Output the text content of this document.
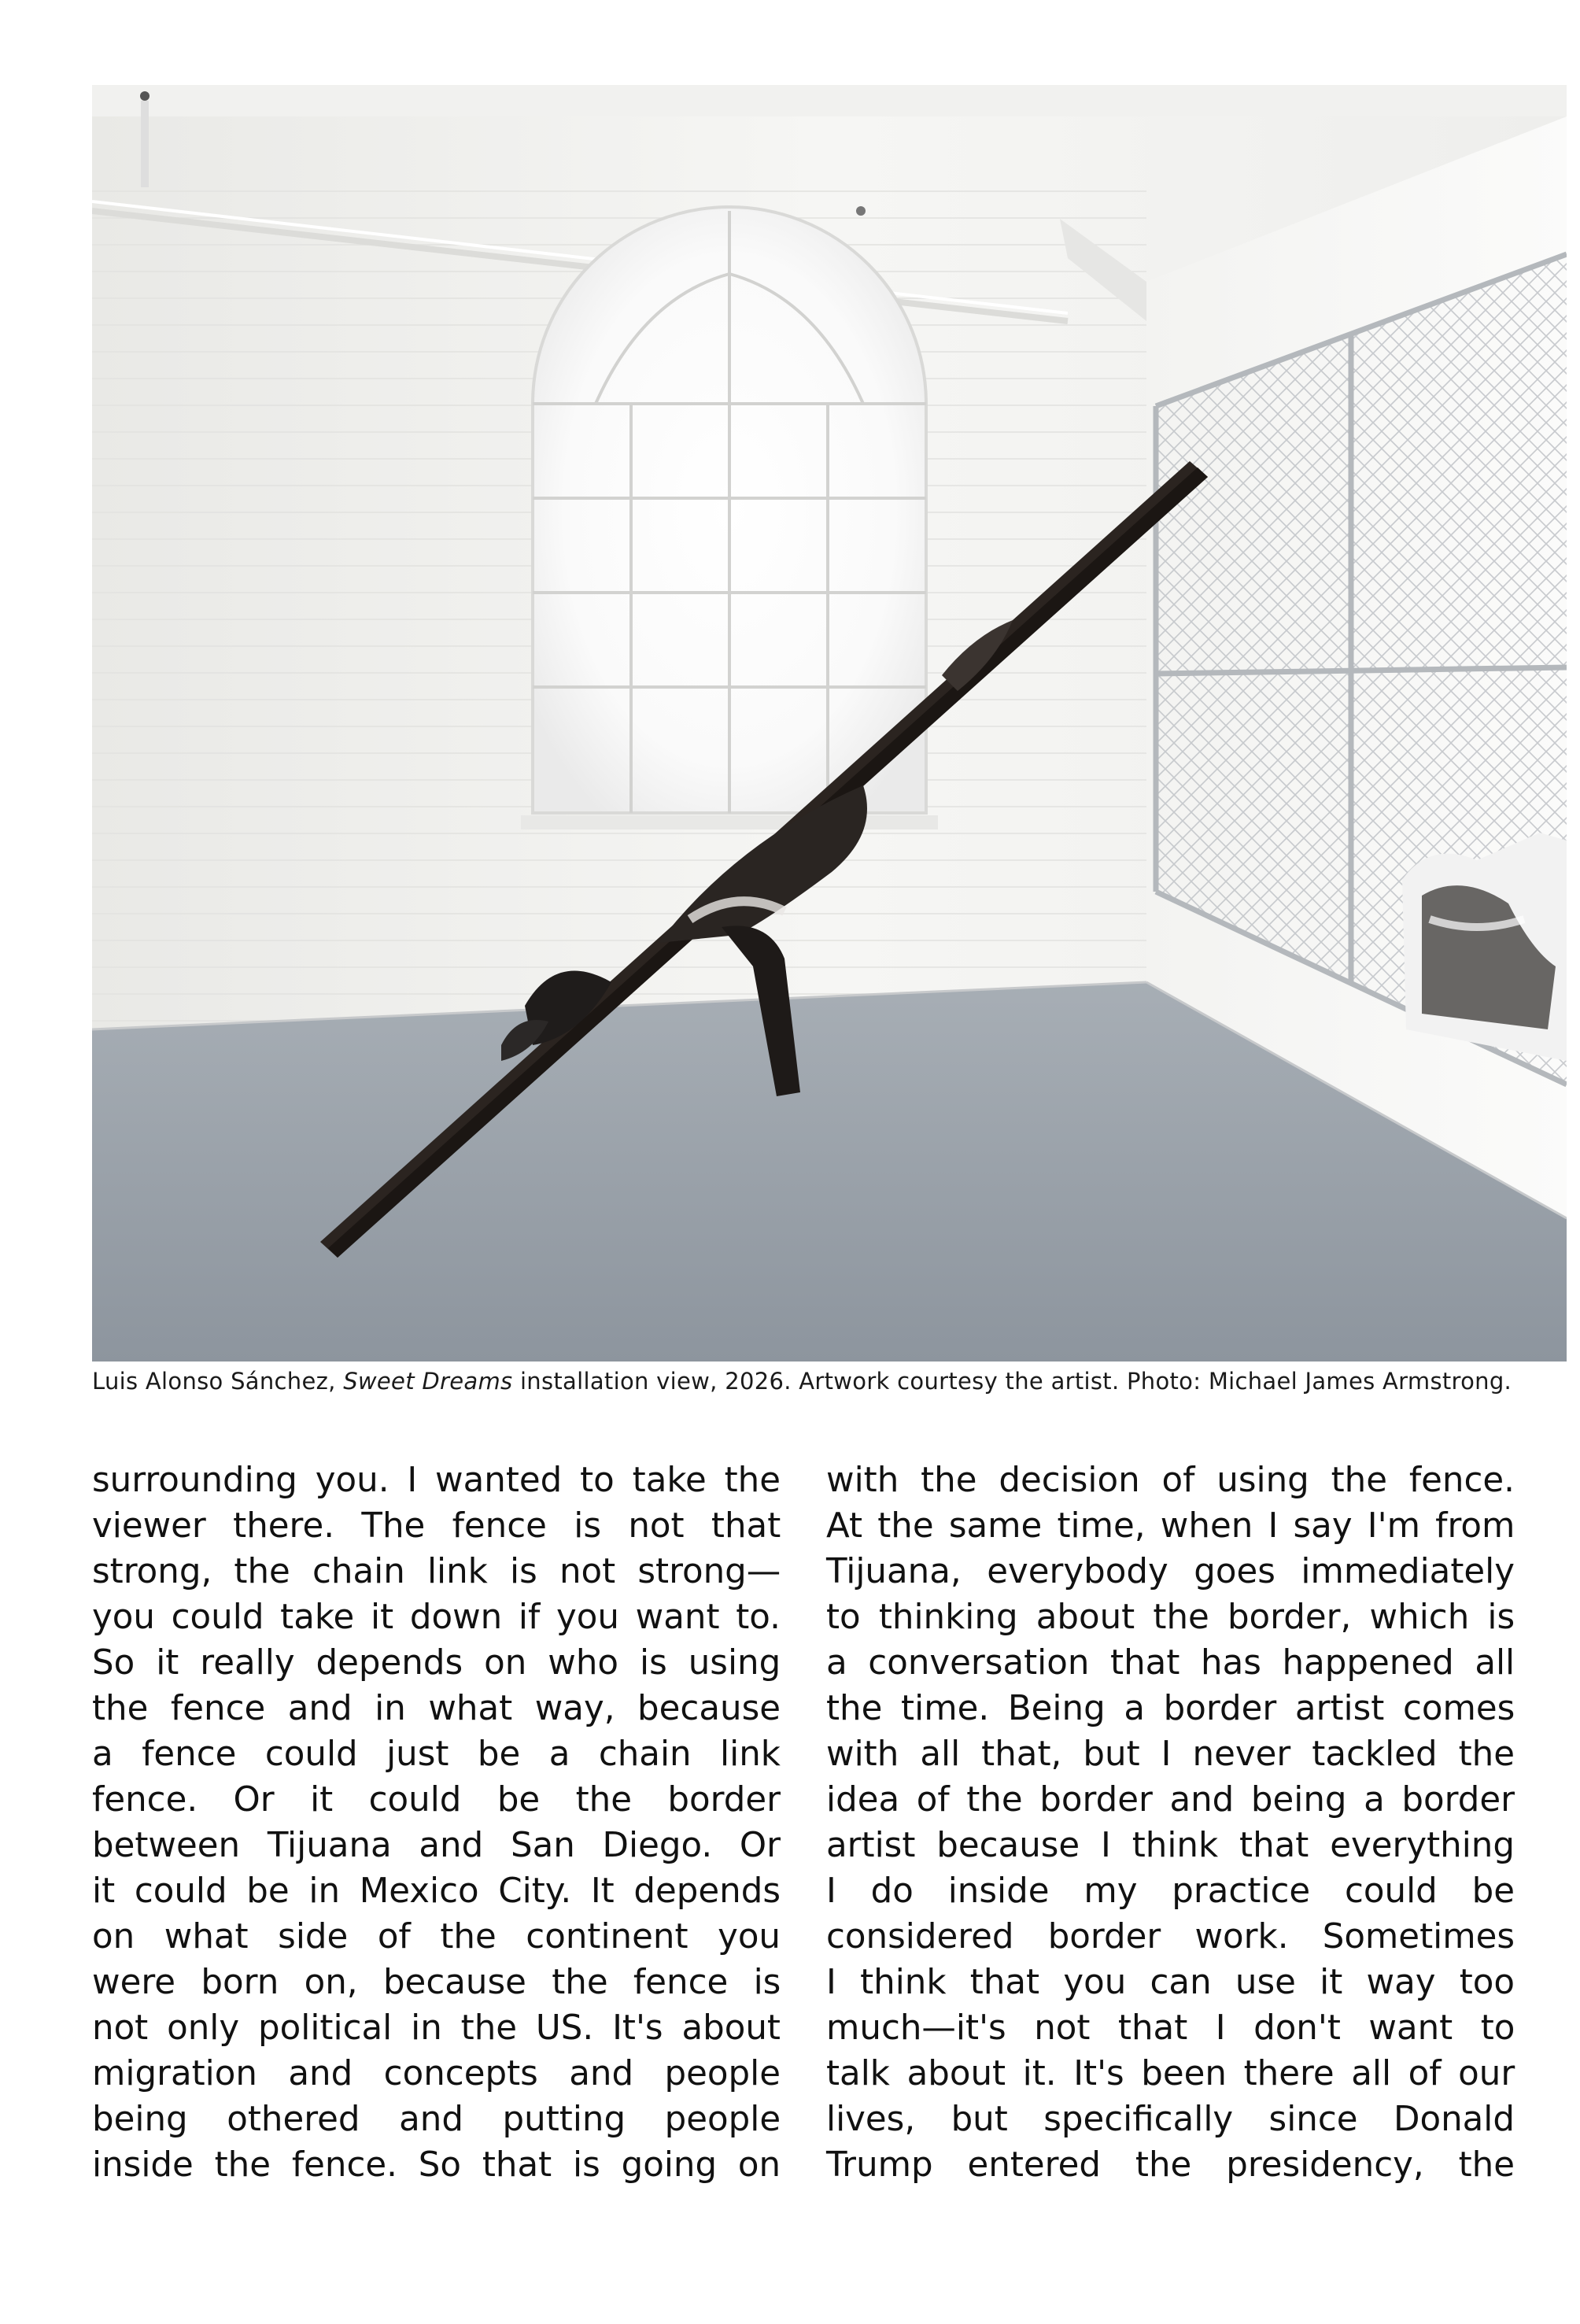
Luis Alonso Sánchez, Sweet Dreams installation view, 2026. Artwork courtesy the artist. Photo: Michael James Armstrong.
surrounding you. I wanted to take the
viewer there. The fence is not that
strong, the chain link is not strong—
you could take it down if you want to.
So it really depends on who is using
the fence and in what way, because
a fence could just be a chain link
fence. Or it could be the border
between Tijuana and San Diego. Or
it could be in Mexico City. It depends
on what side of the continent you
were born on, because the fence is
not only political in the US. It's about
migration and concepts and people
being othered and putting people
inside the fence. So that is going on
with the decision of using the fence.
At the same time, when I say I'm from
Tijuana, everybody goes immediately
to thinking about the border, which is
a conversation that has happened all
the time. Being a border artist comes
with all that, but I never tackled the
idea of the border and being a border
artist because I think that everything
I do inside my practice could be
considered border work. Sometimes
I think that you can use it way too
much—it's not that I don't want to
talk about it. It's been there all of our
lives, but specifically since Donald
Trump entered the presidency, the
